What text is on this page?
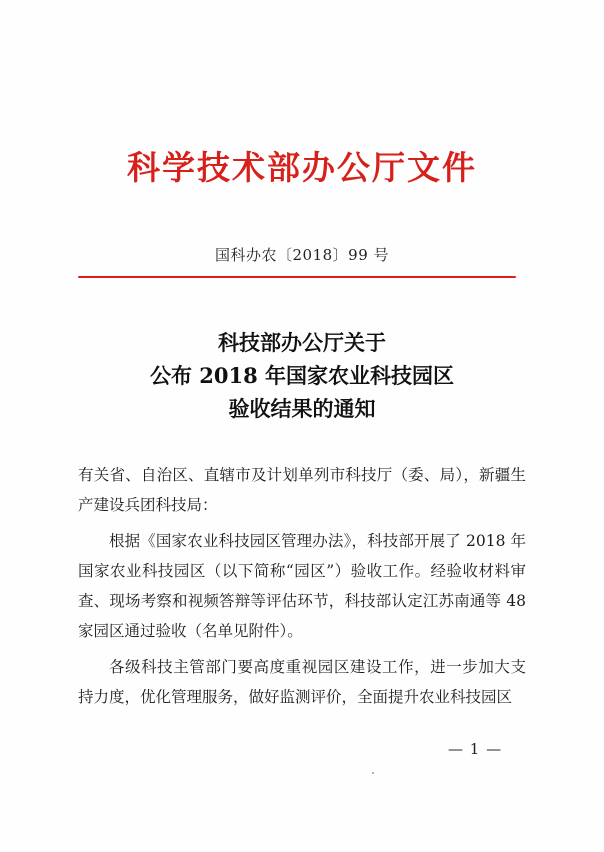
科学技术部办公厅文件
国科办农〔2018〕99 号
科技部办公厅关于
公布 2018 年国家农业科技园区
验收结果的通知

有关省、自治区、直辖市及计划单列市科技厅（委、局），新疆生产建设兵团科技局：

根据《国家农业科技园区管理办法》，科技部开展了 2018 年国家农业科技园区（以下简称“园区”）验收工作。经验收材料审查、现场考察和视频答辩等评估环节，科技部认定江苏南通等 48 家园区通过验收（名单见附件）。

各级科技主管部门要高度重视园区建设工作，进一步加大支持力度，优化管理服务，做好监测评价，全面提升农业科技园区

— 1 —
